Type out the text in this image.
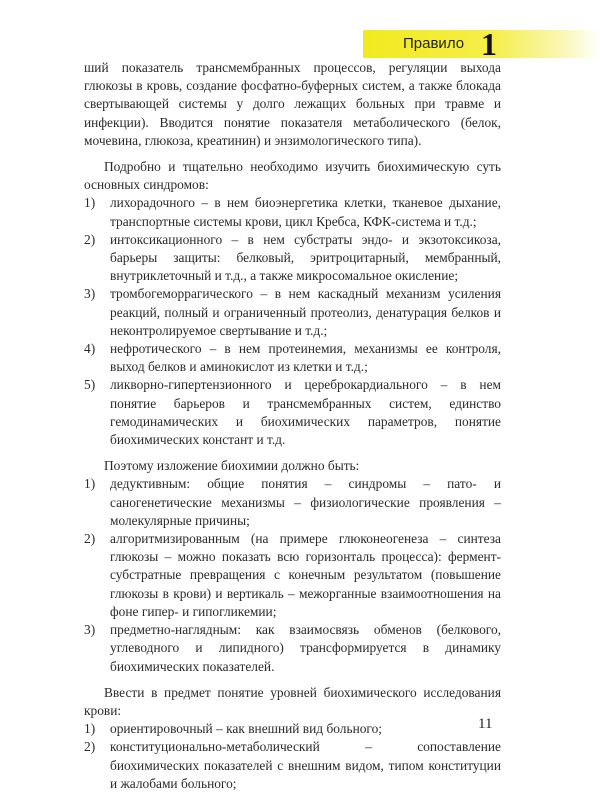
Правило 1

ший показатель трансмембранных процессов, регуляции выхода глюкозы в кровь, создание фосфатно-буферных систем, а также блокада свертывающей системы у долго лежащих больных при травме и инфекции). Вводится понятие показателя метаболического (белок, мочевина, глюкоза, креатинин) и энзимологического типа).

Подробно и тщательно необходимо изучить биохимическую суть основных синдромов:

1)	лихорадочного – в нем биоэнергетика клетки, тканевое дыхание, транспортные системы крови, цикл Кребса, КФК-система и т.д.;
2)	интоксикационного – в нем субстраты эндо- и экзотоксикоза, барьеры защиты: белковый, эритроцитарный, мембранный, внутриклеточный и т.д., а также микросомальное окисление;
3)	тромбогеморрагического – в нем каскадный механизм усиления реакций, полный и ограниченный протеолиз, денатурация белков и неконтролируемое свертывание и т.д.;
4)	нефротического – в нем протеинемия, механизмы ее контроля, выход белков и аминокислот из клетки и т.д.;
5)	ликворно-гипертензионного и цереброкардиального – в нем понятие барьеров и трансмембранных систем, единство гемодинамических и биохимических параметров, понятие биохимических констант и т.д.

Поэтому изложение биохимии должно быть:

1)	дедуктивным: общие понятия – синдромы – пато- и саногенетические механизмы – физиологические проявления – молекулярные причины;
2)	алгоритмизированным (на примере глюконеогенеза – синтеза глюкозы – можно показать всю горизонталь процесса): фермент-субстратные превращения с конечным результатом (повышение глюкозы в крови) и вертикаль – межорганные взаимоотношения на фоне гипер- и гипогликемии;
3)	предметно-наглядным: как взаимосвязь обменов (белкового, углеводного и липидного) трансформируется в динамику биохимических показателей.

Ввести в предмет понятие уровней биохимического исследования крови:

1)	ориентировочный – как внешний вид больного;
2)	конституционально-метаболический – сопоставление биохимических показателей с внешним видом, типом конституции и жалобами больного;
11
